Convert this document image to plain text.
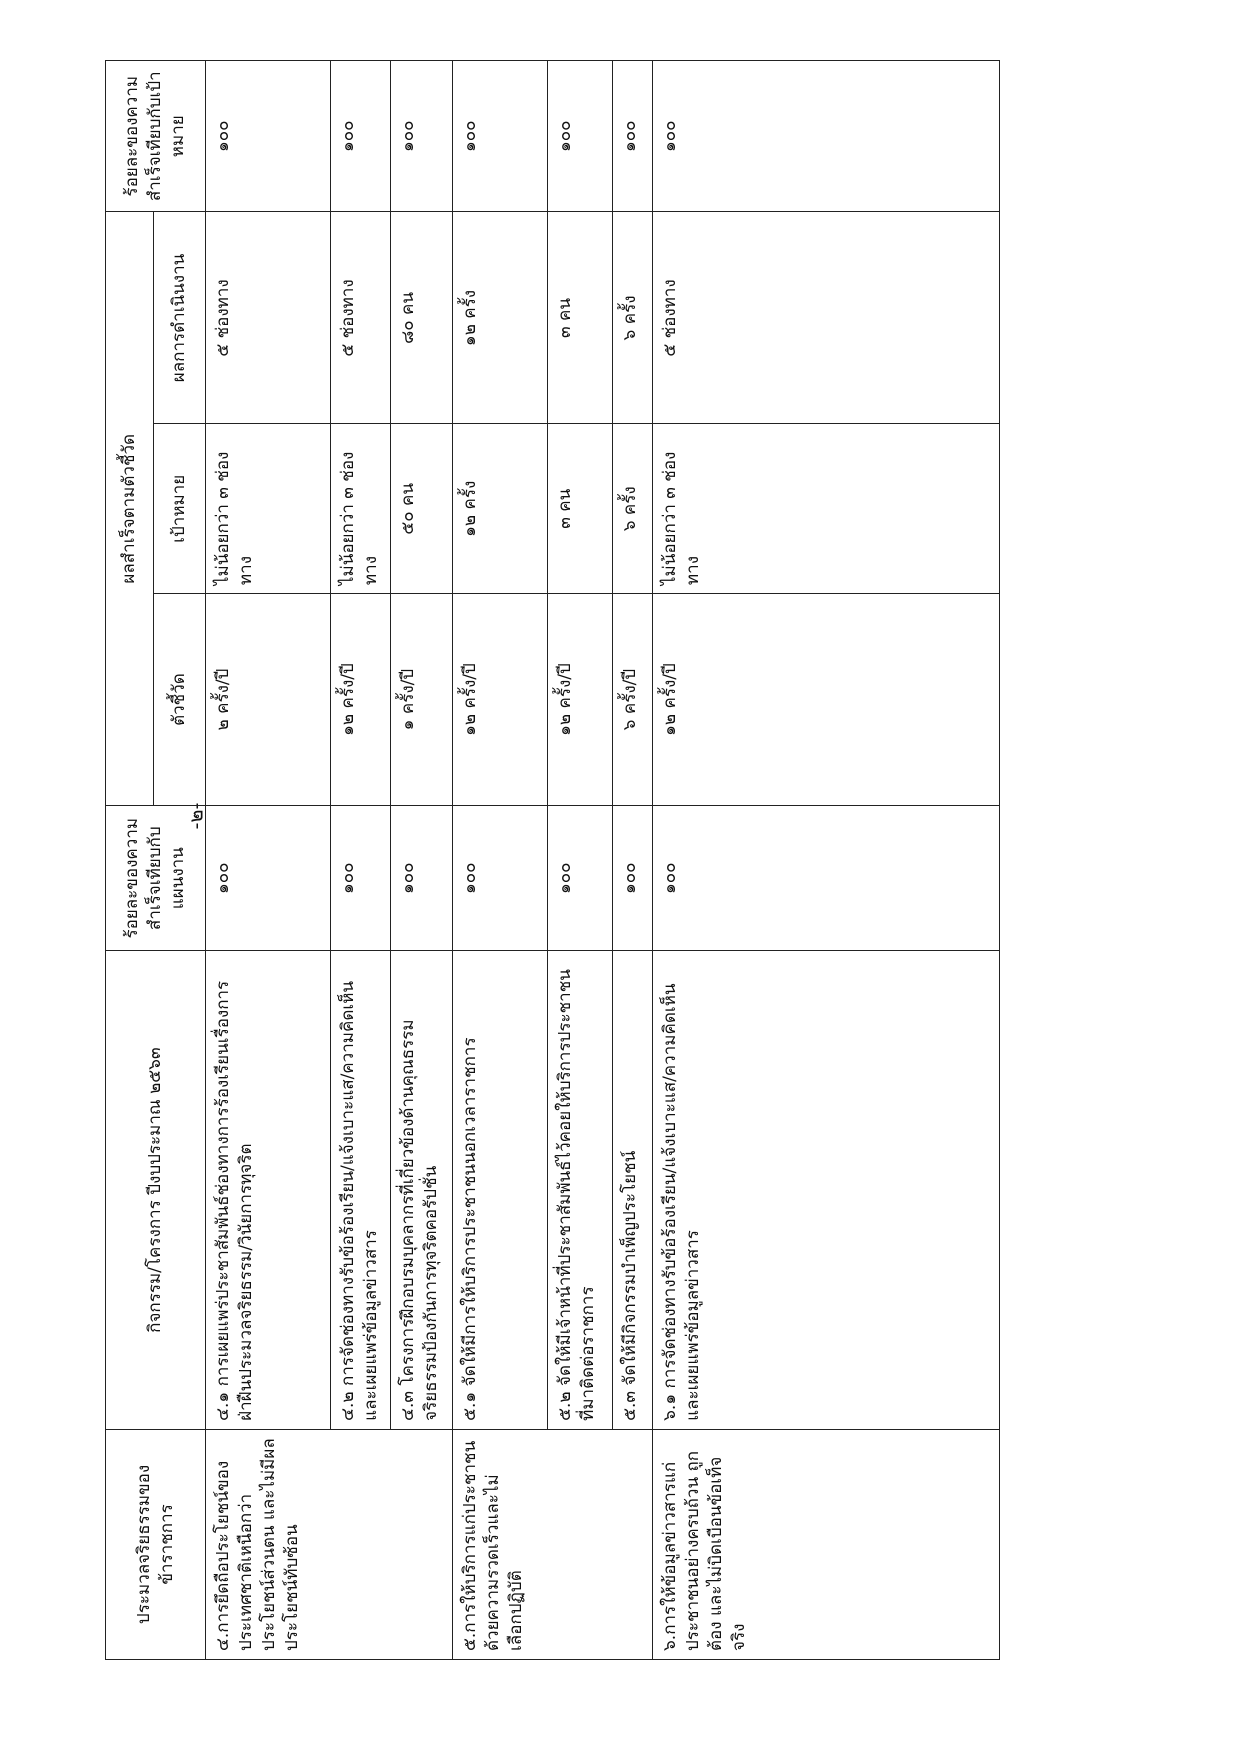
-๒-
ประมวลจริยธรรมของข้าราชการ	กิจกรรม/โครงการ ปีงบประมาณ ๒๕๖๓	ร้อยละของความสำเร็จเทียบกับแผนงาน	ผลสำเร็จตามตัวชี้วัด			ร้อยละของความสำเร็จเทียบกับเป้าหมาย
			ตัวชี้วัด	เป้าหมาย	ผลการดำเนินงาน	
๔.การยึดถือประโยชน์ของประเทศชาติเหนือกว่าประโยชน์ส่วนตน และไม่มีผลประโยชน์ทับซ้อน	๔.๑ การเผยแพร่ประชาสัมพันธ์ช่องทางการร้องเรียนเรื่องการฝ่าฝืนประมวลจริยธรรม/วินัยการทุจริต	๑๐๐	๒ ครั้ง/ปี	ไม่น้อยกว่า ๓ ช่องทาง	๕ ช่องทาง	๑๐๐
	๔.๒ การจัดช่องทางรับข้อร้องเรียน/แจ้งเบาะแส/ความคิดเห็นและเผยแพร่ข้อมูลข่าวสาร	๑๐๐	๑๒ ครั้ง/ปี	ไม่น้อยกว่า ๓ ช่องทาง	๕ ช่องทาง	๑๐๐
	๔.๓ โครงการฝึกอบรมบุคลากรที่เกี่ยวข้องด้านคุณธรรม จริยธรรมป้องกันการทุจริตคอรัปชั่น	๑๐๐	๑ ครั้ง/ปี	๕๐ คน	๘๐ คน	๑๐๐
๕.การให้บริการแก่ประชาชนด้วยความรวดเร็วและไม่เลือกปฏิบัติ	๕.๑ จัดให้มีการให้บริการประชาชนนอกเวลาราชการ	๑๐๐	๑๒ ครั้ง/ปี	๑๒ ครั้ง	๑๒ ครั้ง	๑๐๐
	๕.๒ จัดให้มีเจ้าหน้าที่ประชาสัมพันธ์ไว้คอยให้บริการประชาชนที่มาติดต่อราชการ	๑๐๐	๑๒ ครั้ง/ปี	๓ คน	๓ คน	๑๐๐
	๕.๓ จัดให้มีกิจกรรมบำเพ็ญประโยชน์	๑๐๐	๖ ครั้ง/ปี	๖ ครั้ง	๖ ครั้ง	๑๐๐
๖.การให้ข้อมูลข่าวสารแก่ประชาชนอย่างครบถ้วน ถูกต้อง และไม่บิดเบือนข้อเท็จจริง	๖.๑ การจัดช่องทางรับข้อร้องเรียน/แจ้งเบาะแส/ความคิดเห็นและเผยแพร่ข้อมูลข่าวสาร	๑๐๐	๑๒ ครั้ง/ปี	ไม่น้อยกว่า ๓ ช่องทาง	๕ ช่องทาง	๑๐๐
